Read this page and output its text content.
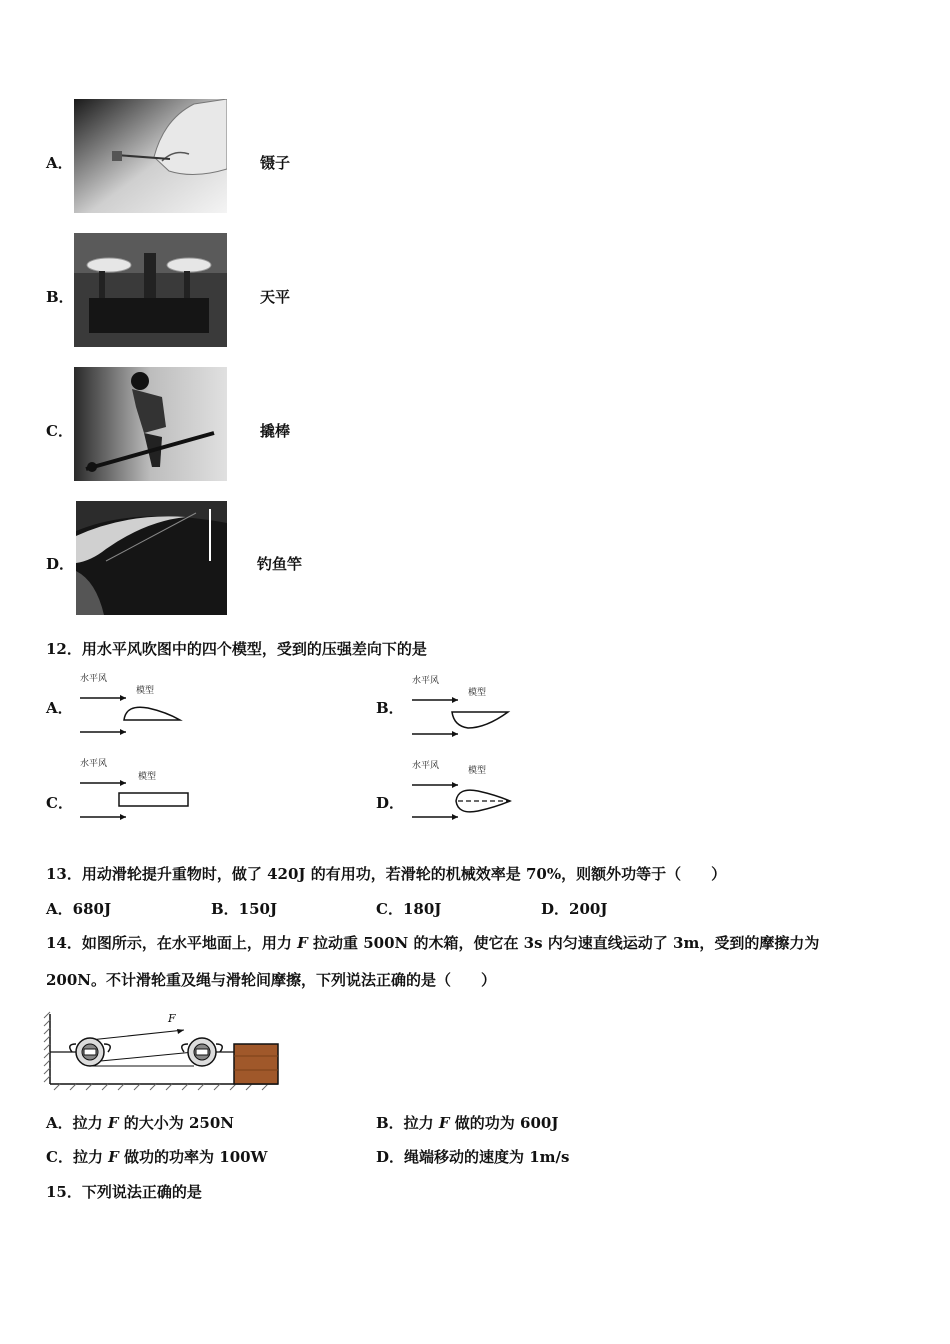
A．	镊子
B．	天平
C．	撬棒
D．	钓鱼竿
12．用水平风吹图中的四个模型，受到的压强差向下的是
A．
水平风
模型
B．
水平风
模型
C．
水平风
模型
D．
水平风	模型
13．用动滑轮提升重物时，做了 420J 的有用功，若滑轮的机械效率是 70%，则额外功等于（　　）
A．680J	B．150J	C．180J	D．200J
14．如图所示，在水平地面上，用力 F 拉动重 500N 的木箱，使它在 3s 内匀速直线运动了 3m，受到的摩擦力为
200N。不计滑轮重及绳与滑轮间摩擦，下列说法正确的是（　　）
F
A．拉力 F 的大小为 250N	B．拉力 F 做的功为 600J
C．拉力 F 做功的功率为 100W	D．绳端移动的速度为 1m/s
15．下列说法正确的是
